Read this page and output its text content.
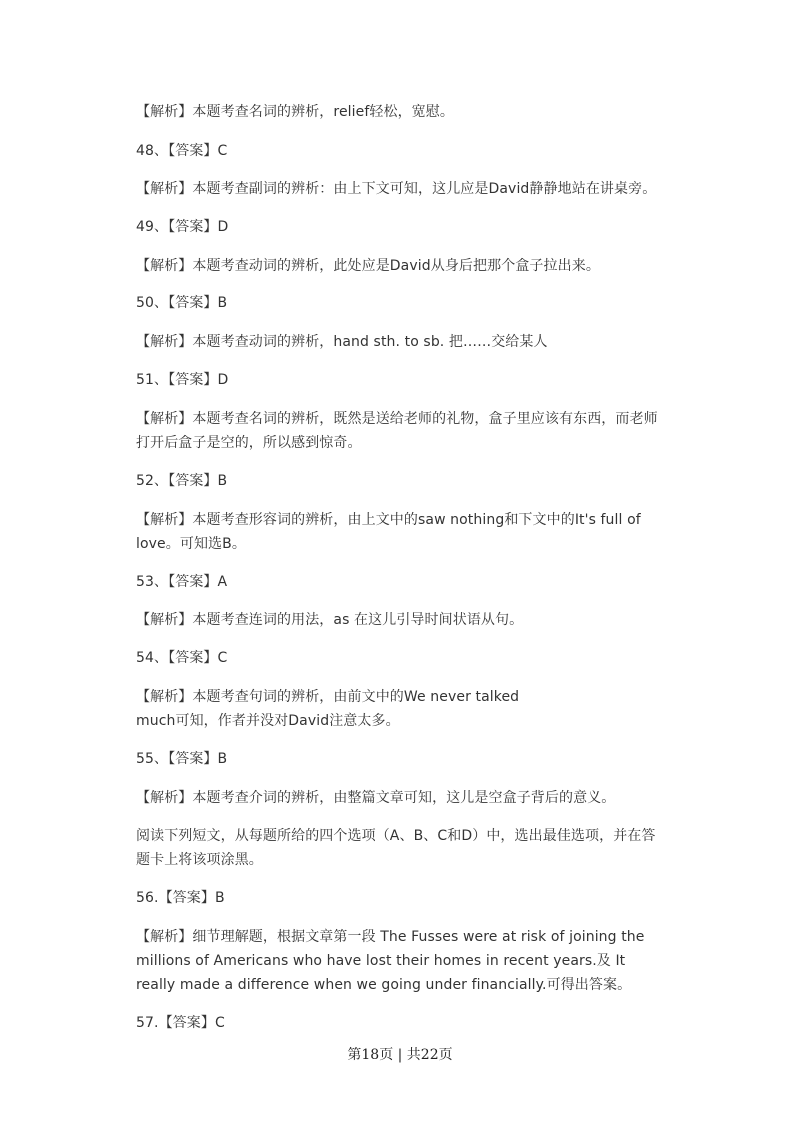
【解析】本题考查名词的辨析，relief轻松，宽慰。
48、【答案】C
【解析】本题考查副词的辨析：由上下文可知，这儿应是David静静地站在讲桌旁。
49、【答案】D
【解析】本题考查动词的辨析，此处应是David从身后把那个盒子拉出来。
50、【答案】B
【解析】本题考查动词的辨析，hand sth. to sb. 把……交给某人
51、【答案】D
【解析】本题考查名词的辨析，既然是送给老师的礼物，盒子里应该有东西，而老师
打开后盒子是空的，所以感到惊奇。
52、【答案】B
【解析】本题考查形容词的辨析，由上文中的saw nothing和下文中的It's full of
love。可知选B。
53、【答案】A
【解析】本题考查连词的用法，as 在这儿引导时间状语从句。
54、【答案】C
【解析】本题考查句词的辨析，由前文中的We never talked
much可知，作者并没对David注意太多。
55、【答案】B
【解析】本题考查介词的辨析，由整篇文章可知，这儿是空盒子背后的意义。
阅读下列短文，从每题所给的四个选项（A、B、C和D）中，选出最佳选项，并在答
题卡上将该项涂黑。
56.【答案】B
【解析】细节理解题，根据文章第一段 The Fusses were at risk of joining the
millions of Americans who have lost their homes in recent years.及 It
really made a difference when we going under financially.可得出答案。
57.【答案】C
第18页 | 共22页
